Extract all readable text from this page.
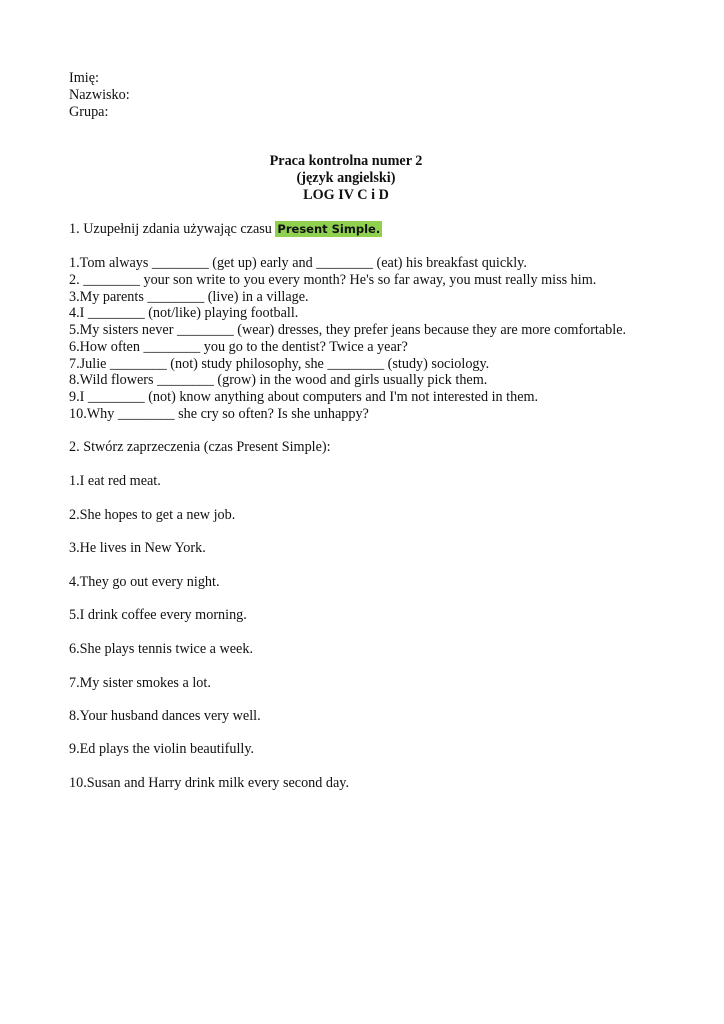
Imię:
Nazwisko:
Grupa:
Praca kontrolna numer 2
(język angielski)
LOG IV C i D
1. Uzupełnij zdania używając czasu Present Simple.
1.Tom always ________ (get up) early and ________ (eat) his breakfast quickly.
2. ________ your son write to you every month? He's so far away, you must really miss him.
3.My parents ________ (live) in a village.
4.I ________ (not/like) playing football.
5.My sisters never ________ (wear) dresses, they prefer jeans because they are more comfortable.
6.How often ________ you go to the dentist? Twice a year?
7.Julie ________ (not) study philosophy, she ________ (study) sociology.
8.Wild flowers ________ (grow) in the wood and girls usually pick them.
9.I ________ (not) know anything about computers and I'm not interested in them.
10.Why ________ she cry so often? Is she unhappy?
2. Stwórz zaprzeczenia (czas Present Simple):
1.I eat red meat.
2.She hopes to get a new job.
3.He lives in New York.
4.They go out every night.
5.I drink coffee every morning.
6.She plays tennis twice a week.
7.My sister smokes a lot.
8.Your husband dances very well.
9.Ed plays the violin beautifully.
10.Susan and Harry drink milk every second day.
